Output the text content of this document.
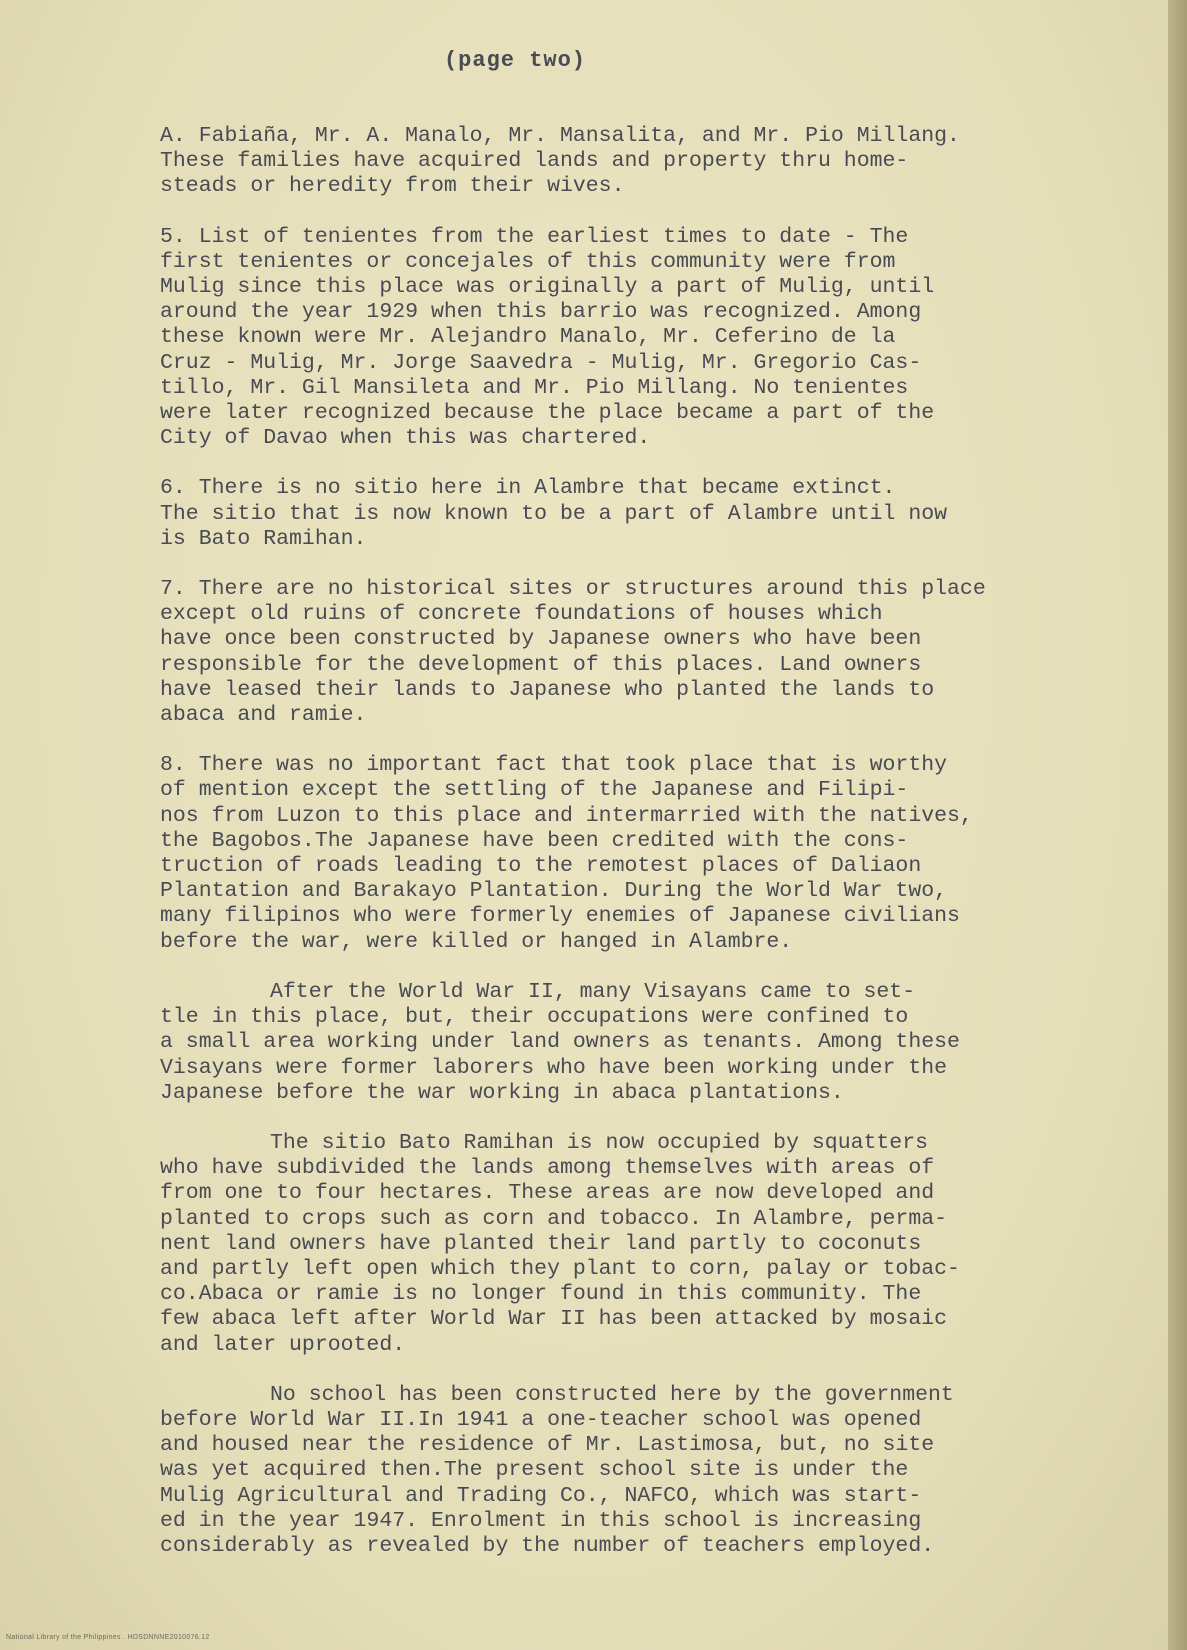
(page two)

A. Fabiaña, Mr. A. Manalo, Mr. Mansalita, and Mr. Pio Millang.
These families have acquired lands and property thru home-
steads or heredity from their wives.

5. List of tenientes from the earliest times to date - The
first tenientes or concejales of this community were from
Mulig since this place was originally a part of Mulig, until
around the year 1929 when this barrio was recognized. Among
these known were Mr. Alejandro Manalo, Mr. Ceferino de la
Cruz - Mulig, Mr. Jorge Saavedra - Mulig, Mr. Gregorio Cas-
tillo, Mr. Gil Mansileta and Mr. Pio Millang. No tenientes
were later recognized because the place became a part of the
City of Davao when this was chartered.

6. There is no sitio here in Alambre that became extinct.
The sitio that is now known to be a part of Alambre until now
is Bato Ramihan.

7. There are no historical sites or structures around this place
except old ruins of concrete foundations of houses which
have once been constructed by Japanese owners who have been
responsible for the development of this places. Land owners
have leased their lands to Japanese who planted the lands to
abaca and ramie.

8. There was no important fact that took place that is worthy
of mention except the settling of the Japanese and Filipi-
nos from Luzon to this place and intermarried with the natives,
the Bagobos.The Japanese have been credited with the cons-
truction of roads leading to the remotest places of Daliaon
Plantation and Barakayo Plantation. During the World War two,
many filipinos who were formerly enemies of Japanese civilians
before the war, were killed or hanged in Alambre.

After the World War II, many Visayans came to set-
tle in this place, but, their occupations were confined to
a small area working under land owners as tenants. Among these
Visayans were former laborers who have been working under the
Japanese before the war working in abaca plantations.

The sitio Bato Ramihan is now occupied by squatters
who have subdivided the lands among themselves with areas of
from one to four hectares. These areas are now developed and
planted to crops such as corn and tobacco. In Alambre, perma-
nent land owners have planted their land partly to coconuts
and partly left open which they plant to corn, palay or tobac-
co.Abaca or ramie is no longer found in this community. The
few abaca left after World War II has been attacked by mosaic
and later uprooted.

No school has been constructed here by the government
before World War II.In 1941 a one-teacher school was opened
and housed near the residence of Mr. Lastimosa, but, no site
was yet acquired then.The present school site is under the
Mulig Agricultural and Trading Co., NAFCO, which was start-
ed in the year 1947. Enrolment in this school is increasing
considerably as revealed by the number of teachers employed.

National Library of the Philippines . HDSDNNNE2010076.12
